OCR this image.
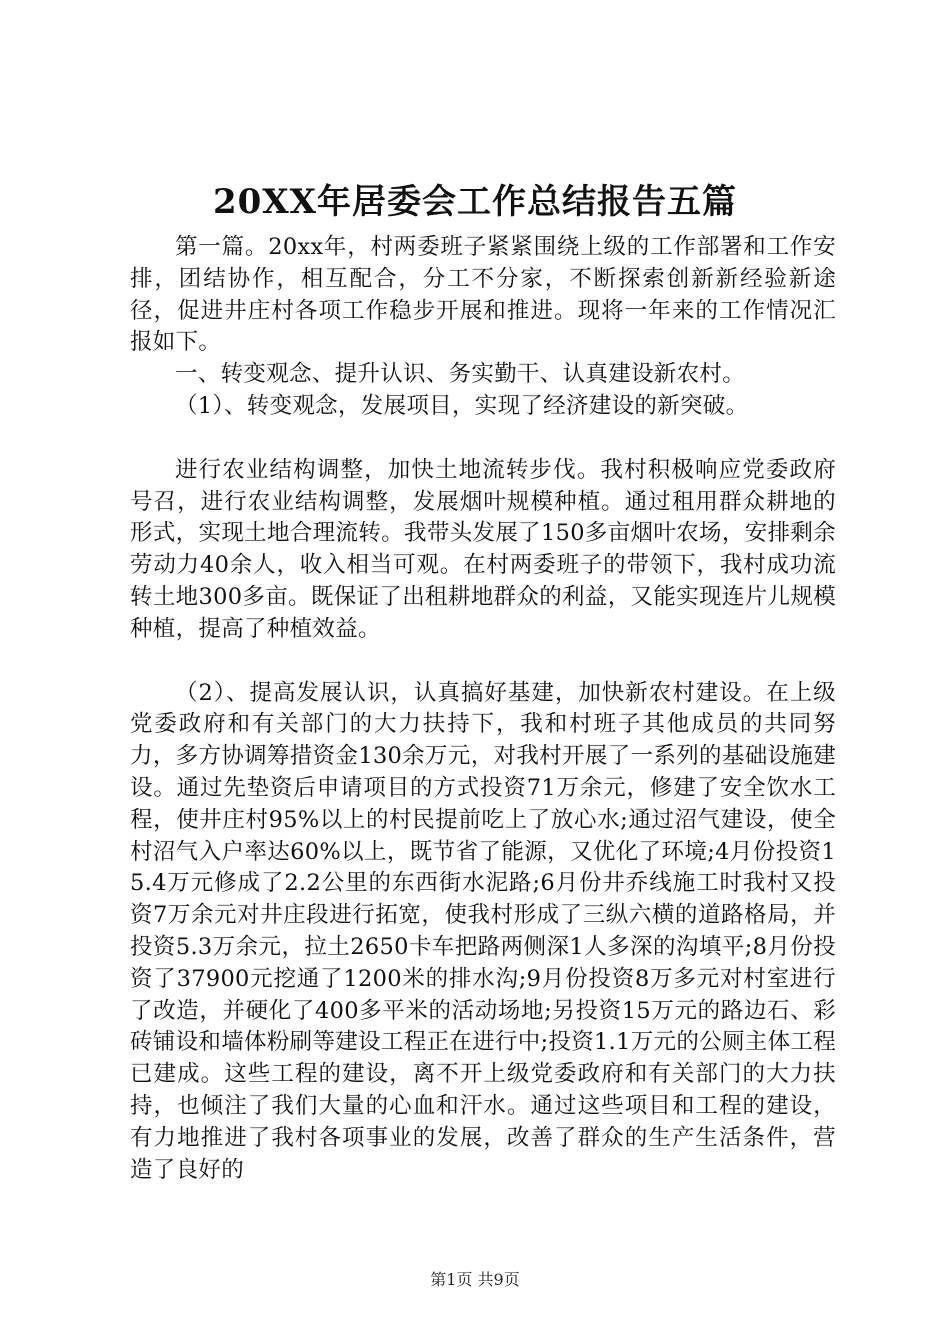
20XX年居委会工作总结报告五篇

第一篇。20xx年，村两委班子紧紧围绕上级的工作部署和工作安排，团结协作，相互配合，分工不分家，不断探索创新新经验新途径，促进井庄村各项工作稳步开展和推进。现将一年来的工作情况汇报如下。

一、转变观念、提升认识、务实勤干、认真建设新农村。

（1）、转变观念，发展项目，实现了经济建设的新突破。

进行农业结构调整，加快土地流转步伐。我村积极响应党委政府号召，进行农业结构调整，发展烟叶规模种植。通过租用群众耕地的形式，实现土地合理流转。我带头发展了150多亩烟叶农场，安排剩余劳动力40余人，收入相当可观。在村两委班子的带领下，我村成功流转土地300多亩。既保证了出租耕地群众的利益，又能实现连片儿规模种植，提高了种植效益。

（2）、提高发展认识，认真搞好基建，加快新农村建设。在上级党委政府和有关部门的大力扶持下，我和村班子其他成员的共同努力，多方协调筹措资金130余万元，对我村开展了一系列的基础设施建设。通过先垫资后申请项目的方式投资71万余元，修建了安全饮水工程，使井庄村95%以上的村民提前吃上了放心水;通过沼气建设，使全村沼气入户率达60%以上，既节省了能源，又优化了环境;4月份投资15.4万元修成了2.2公里的东西街水泥路;6月份井乔线施工时我村又投资7万余元对井庄段进行拓宽，使我村形成了三纵六横的道路格局，并投资5.3万余元，拉土2650卡车把路两侧深1人多深的沟填平;8月份投资了37900元挖通了1200米的排水沟;9月份投资8万多元对村室进行了改造，并硬化了400多平米的活动场地;另投资15万元的路边石、彩砖铺设和墙体粉刷等建设工程正在进行中;投资1.1万元的公厕主体工程已建成。这些工程的建设，离不开上级党委政府和有关部门的大力扶持，也倾注了我们大量的心血和汗水。通过这些项目和工程的建设，有力地推进了我村各项事业的发展，改善了群众的生产生活条件，营造了良好的

第1页 共9页
